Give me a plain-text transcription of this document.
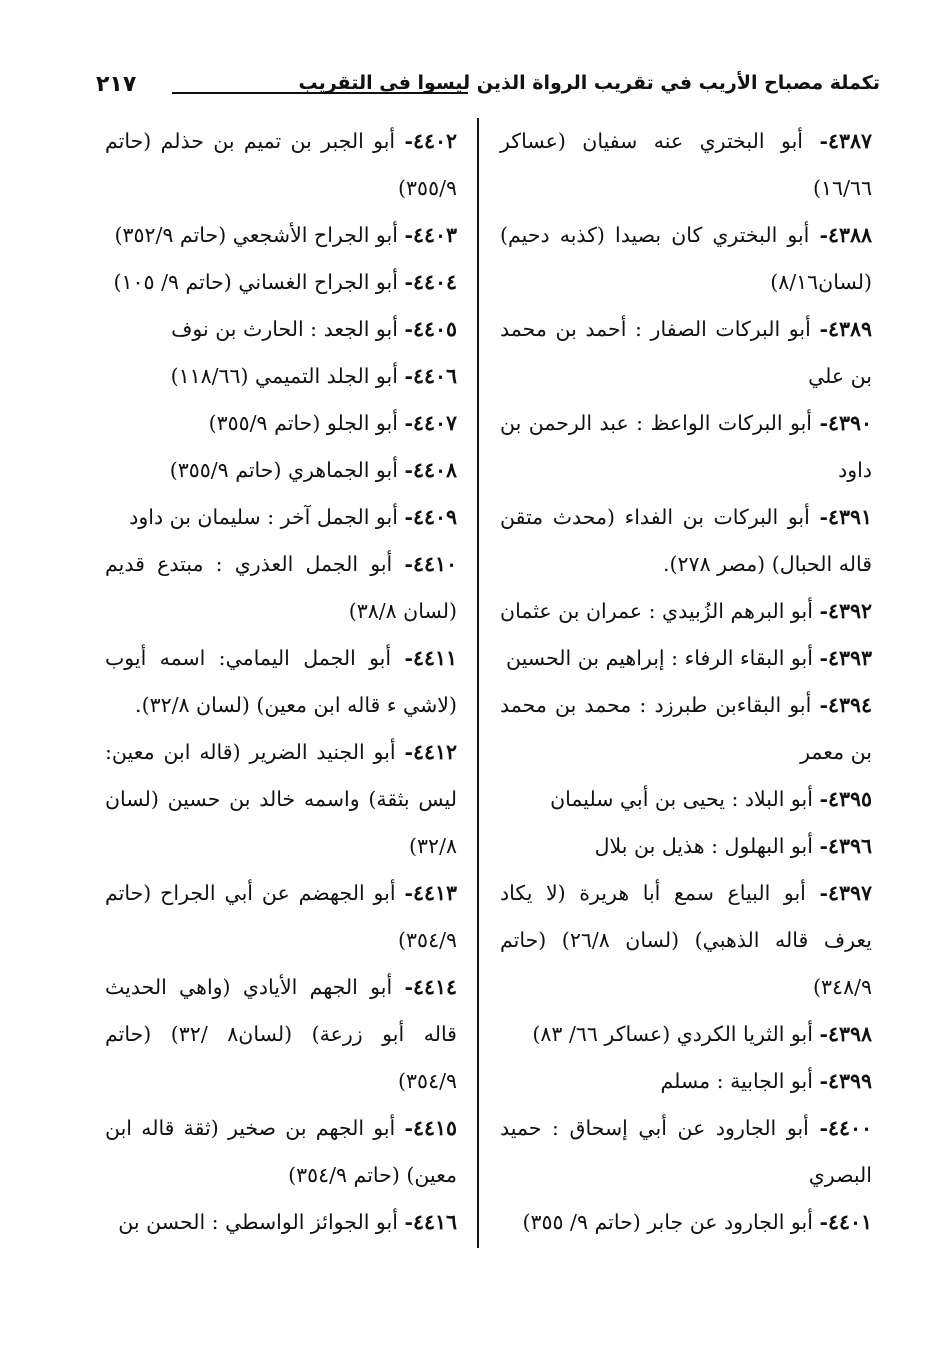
تكملة مصباح الأريب في تقريب الرواة الذين ليسوا في التقريب
٢١٧

٤٣٨٧- أبو البختري عنه سفيان (عساكر ١٦/٦٦)

٤٣٨٨- أبو البختري كان بصيدا (كذبه دحيم) (لسان٨/١٦)

٤٣٨٩- أبو البركات الصفار : أحمد بن محمد بن علي

٤٣٩٠- أبو البركات الواعظ : عبد الرحمن بن داود

٤٣٩١- أبو البركات بن الفداء (محدث متقن قاله الحبال) (مصر ٢٧٨).

٤٣٩٢- أبو البرهم الزُبيدي : عمران بن عثمان

٤٣٩٣- أبو البقاء الرفاء : إبراهيم بن الحسين

٤٣٩٤- أبو البقاءبن طبرزد : محمد بن محمد بن معمر

٤٣٩٥- أبو البلاد : يحيى بن أبي سليمان

٤٣٩٦- أبو البهلول : هذيل بن بلال

٤٣٩٧- أبو البياع سمع أبا هريرة (لا يكاد يعرف قاله الذهبي) (لسان ٢٦/٨) (حاتم ٣٤٨/٩)

٤٣٩٨- أبو الثريا الكردي (عساكر ٦٦/ ٨٣)

٤٣٩٩- أبو الجابية : مسلم

٤٤٠٠- أبو الجارود عن أبي إسحاق : حميد البصري

٤٤٠١- أبو الجارود عن جابر (حاتم ٩/ ٣٥٥)

٤٤٠٢- أبو الجبر بن تميم بن حذلم (حاتم ٣٥٥/٩)

٤٤٠٣- أبو الجراح الأشجعي (حاتم ٣٥٢/٩)

٤٤٠٤- أبو الجراح الغساني (حاتم ٩/ ١٠٥)

٤٤٠٥- أبو الجعد : الحارث بن نوف

٤٤٠٦- أبو الجلد التميمي (١١٨/٦٦)

٤٤٠٧- أبو الجلو (حاتم ٣٥٥/٩)

٤٤٠٨- أبو الجماهري (حاتم ٣٥٥/٩)

٤٤٠٩- أبو الجمل آخر : سليمان بن داود

٤٤١٠- أبو الجمل العذري : مبتدع قديم (لسان ٣٨/٨)

٤٤١١- أبو الجمل اليمامي: اسمه أيوب (لاشي ء قاله ابن معين) (لسان ٣٢/٨).

٤٤١٢- أبو الجنيد الضرير (قاله ابن معين: ليس بثقة) واسمه خالد بن حسين (لسان ٣٢/٨)

٤٤١٣- أبو الجهضم عن أبي الجراح (حاتم ٣٥٤/٩)

٤٤١٤- أبو الجهم الأيادي (واهي الحديث قاله أبو زرعة) (لسان٨ /٣٢) (حاتم ٣٥٤/٩)

٤٤١٥- أبو الجهم بن صخير (ثقة قاله ابن معين) (حاتم ٣٥٤/٩)

٤٤١٦- أبو الجوائز الواسطي : الحسن بن
